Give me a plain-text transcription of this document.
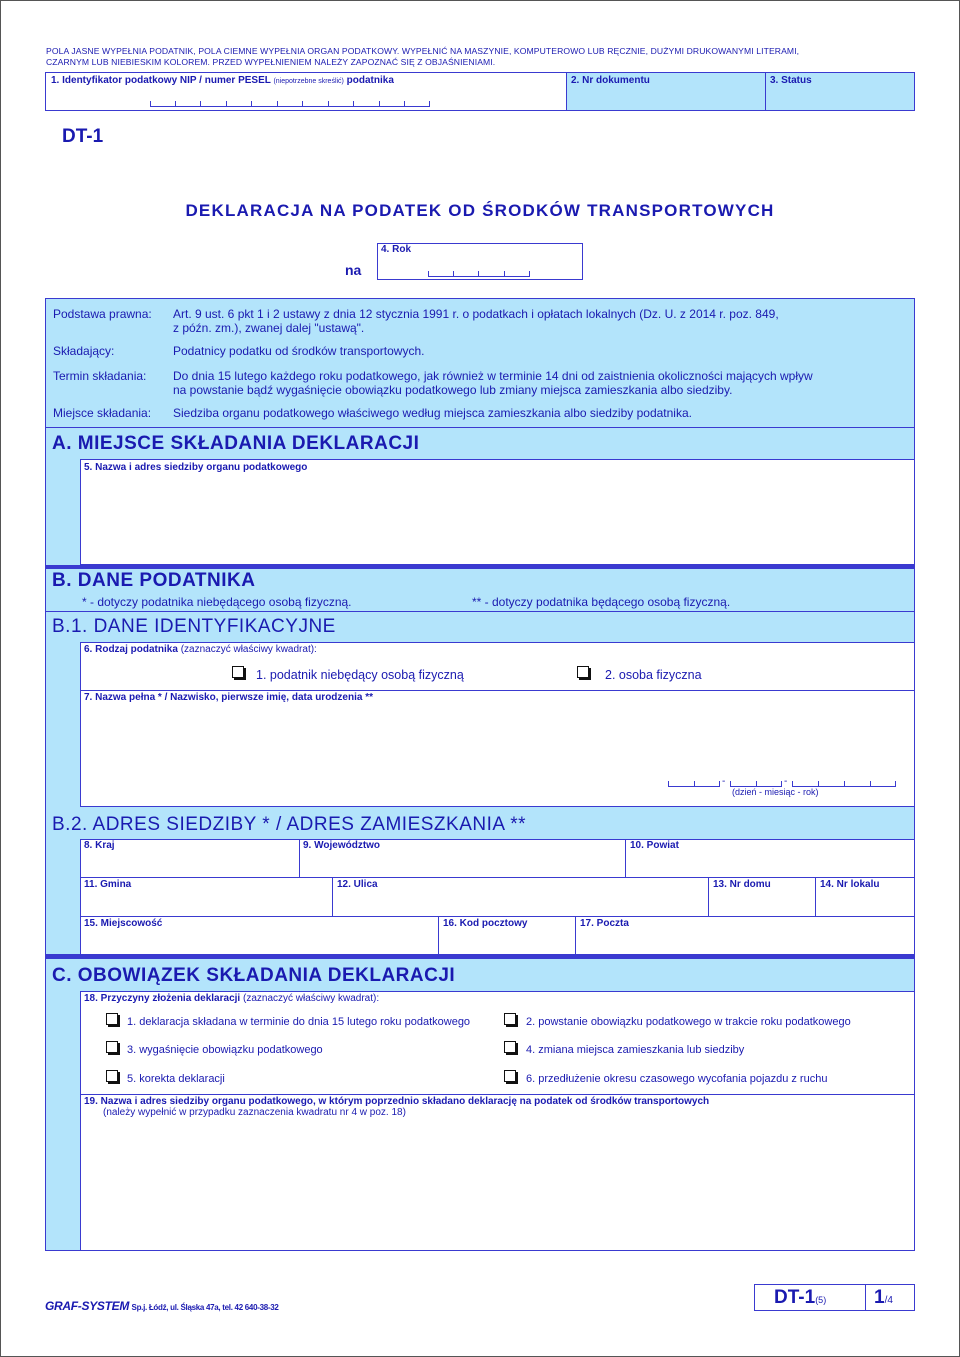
POLA JASNE WYPEŁNIA PODATNIK, POLA CIEMNE WYPEŁNIA ORGAN PODATKOWY. WYPEŁNIĆ NA MASZYNIE, KOMPUTEROWO LUB RĘCZNIE, DUŻYMI DRUKOWANYMI LITERAMI,
CZARNYM LUB NIEBIESKIM KOLOREM. PRZED WYPEŁNIENIEM NALEŻY ZAPOZNAĆ SIĘ Z OBJAŚNIENIAMI.
1. Identyfikator podatkowy NIP / numer PESEL (niepotrzebne skreślić) podatnika	2. Nr dokumentu	3. Status
DT-1
DEKLARACJA NA PODATEK OD ŚRODKÓW TRANSPORTOWYCH
na
4. Rok
Podstawa prawna: Art. 9 ust. 6 pkt 1 i 2 ustawy z dnia 12 stycznia 1991 r. o podatkach i opłatach lokalnych (Dz. U. z 2014 r. poz. 849,
z późn. zm.), zwanej dalej "ustawą".
Składający:	Podatnicy podatku od środków transportowych.
Termin składania: Do dnia 15 lutego każdego roku podatkowego, jak również w terminie 14 dni od zaistnienia okoliczności mających wpływ
na powstanie bądź wygaśnięcie obowiązku podatkowego lub zmiany miejsca zamieszkania albo siedziby.
Miejsce składania: Siedziba organu podatkowego właściwego według miejsca zamieszkania albo siedziby podatnika.
A. MIEJSCE SKŁADANIA DEKLARACJI
5. Nazwa i adres siedziby organu podatkowego
B. DANE PODATNIKA
* - dotyczy podatnika niebędącego osobą fizyczną.	** - dotyczy podatnika będącego osobą fizyczną.
B.1. DANE IDENTYFIKACYJNE
6. Rodzaj podatnika (zaznaczyć właściwy kwadrat):
1. podatnik niebędący osobą fizyczną	2. osoba fizyczna
7. Nazwa pełna * / Nazwisko, pierwsze imię, data urodzenia **
-	-
(dzień - miesiąc - rok)
B.2. ADRES SIEDZIBY * / ADRES ZAMIESZKANIA **
8. Kraj	9. Województwo	10. Powiat
11. Gmina	12. Ulica	13. Nr domu	14. Nr lokalu
15. Miejscowość	16. Kod pocztowy	17. Poczta
C. OBOWIĄZEK SKŁADANIA DEKLARACJI
18. Przyczyny złożenia deklaracji (zaznaczyć właściwy kwadrat):
1. deklaracja składana w terminie do dnia 15 lutego roku podatkowego	2. powstanie obowiązku podatkowego w trakcie roku podatkowego
3. wygaśnięcie obowiązku podatkowego	4. zmiana miejsca zamieszkania lub siedziby
5. korekta deklaracji	6. przedłużenie okresu czasowego wycofania pojazdu z ruchu
19. Nazwa i adres siedziby organu podatkowego, w którym poprzednio składano deklarację na podatek od środków transportowych
(należy wypełnić w przypadku zaznaczenia kwadratu nr 4 w poz. 18)
GRAF-SYSTEM Sp.j. Łódź, ul. Śląska 47a, tel. 42 640-38-32	DT-1(5)	1/4
